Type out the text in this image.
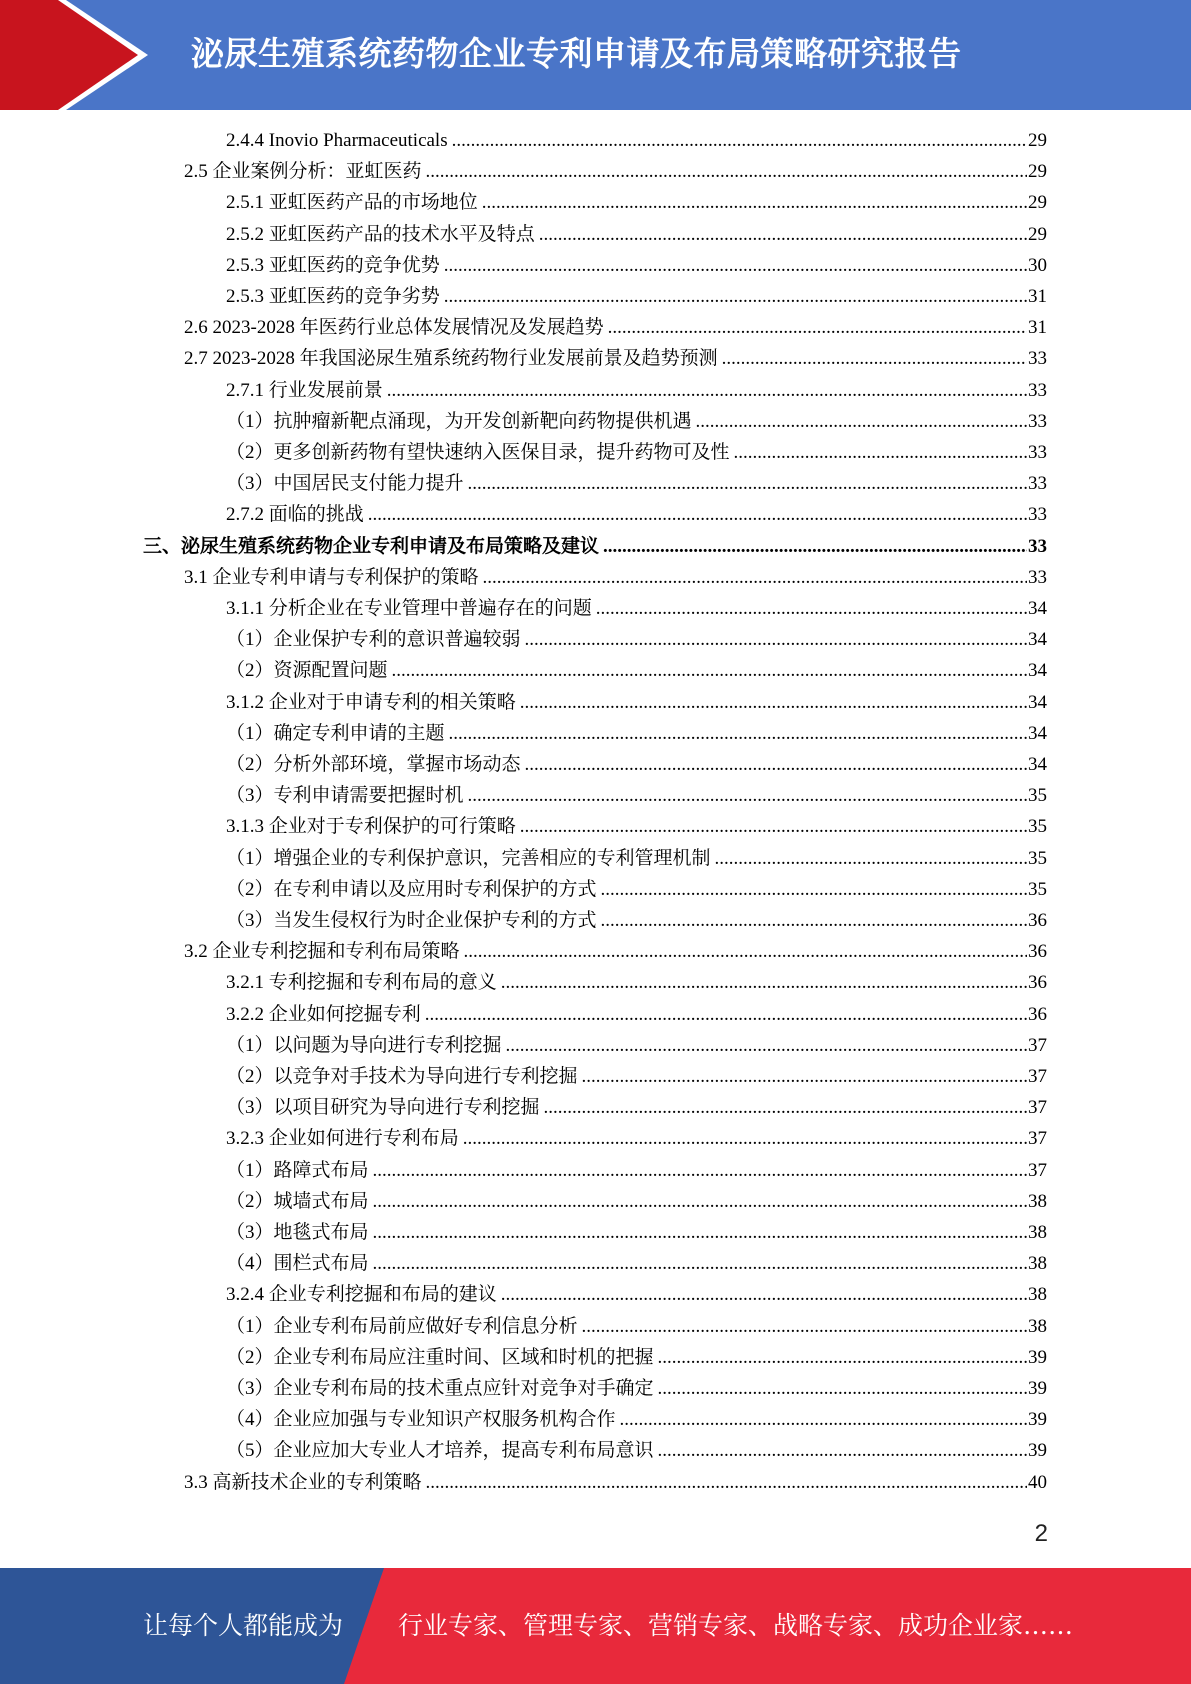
泌尿生殖系统药物企业专利申请及布局策略研究报告
2.4.4 Inovio Pharmaceuticals .....	29
2.5 企业案例分析：亚虹医药 .....	29
2.5.1 亚虹医药产品的市场地位 .....	29
2.5.2 亚虹医药产品的技术水平及特点 .....	29
2.5.3 亚虹医药的竞争优势 .....	30
2.5.3 亚虹医药的竞争劣势 .....	31
2.6 2023-2028 年医药行业总体发展情况及发展趋势 .....	31
2.7 2023-2028 年我国泌尿生殖系统药物行业发展前景及趋势预测 .....	33
2.7.1 行业发展前景 .....	33
（1）抗肿瘤新靶点涌现，为开发创新靶向药物提供机遇 .....	33
（2）更多创新药物有望快速纳入医保目录，提升药物可及性 .....	33
（3）中国居民支付能力提升 .....	33
2.7.2 面临的挑战 .....	33
三、泌尿生殖系统药物企业专利申请及布局策略及建议 .....	33
3.1 企业专利申请与专利保护的策略 .....	33
3.1.1 分析企业在专业管理中普遍存在的问题 .....	34
（1）企业保护专利的意识普遍较弱 .....	34
（2）资源配置问题 .....	34
3.1.2 企业对于申请专利的相关策略 .....	34
（1）确定专利申请的主题 .....	34
（2）分析外部环境，掌握市场动态 .....	34
（3）专利申请需要把握时机 .....	35
3.1.3 企业对于专利保护的可行策略 .....	35
（1）增强企业的专利保护意识，完善相应的专利管理机制 .....	35
（2）在专利申请以及应用时专利保护的方式 .....	35
（3）当发生侵权行为时企业保护专利的方式 .....	36
3.2 企业专利挖掘和专利布局策略 .....	36
3.2.1 专利挖掘和专利布局的意义 .....	36
3.2.2 企业如何挖掘专利 .....	36
（1）以问题为导向进行专利挖掘 .....	37
（2）以竞争对手技术为导向进行专利挖掘 .....	37
（3）以项目研究为导向进行专利挖掘 .....	37
3.2.3 企业如何进行专利布局 .....	37
（1）路障式布局 .....	37
（2）城墙式布局 .....	38
（3）地毯式布局 .....	38
（4）围栏式布局 .....	38
3.2.4 企业专利挖掘和布局的建议 .....	38
（1）企业专利布局前应做好专利信息分析 .....	38
（2）企业专利布局应注重时间、区域和时机的把握 .....	39
（3）企业专利布局的技术重点应针对竞争对手确定 .....	39
（4）企业应加强与专业知识产权服务机构合作 .....	39
（5）企业应加大专业人才培养，提高专利布局意识 .....	39
3.3 高新技术企业的专利策略 .....	40
2
让每个人都能成为 行业专家、管理专家、营销专家、战略专家、成功企业家……
